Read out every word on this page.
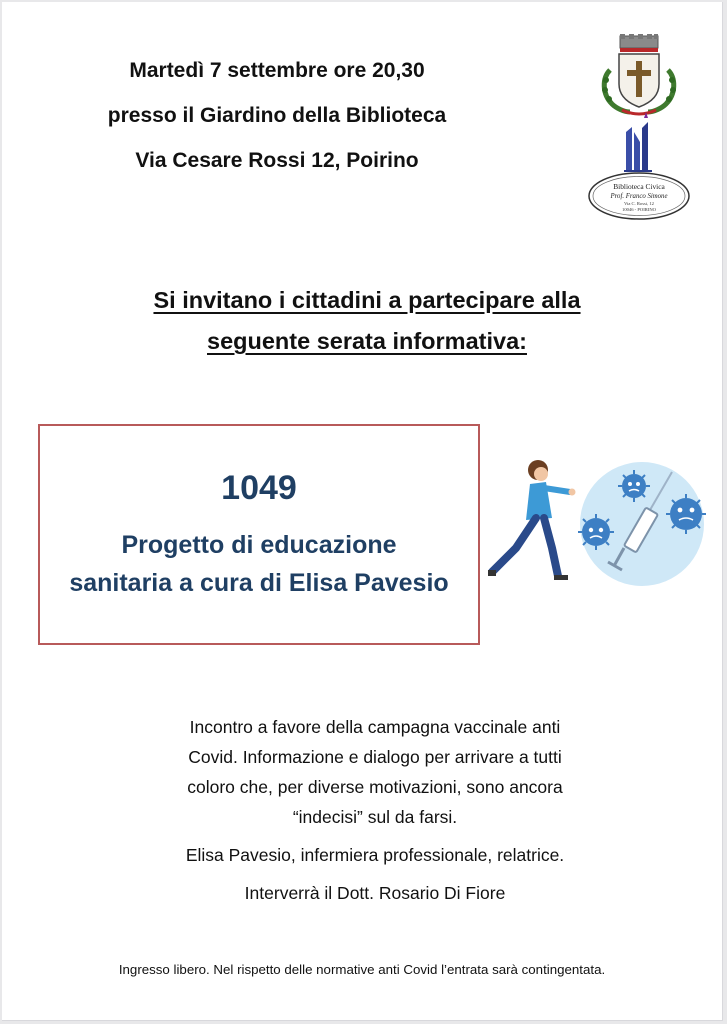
Martedì 7 settembre ore 20,30
presso il Giardino della Biblioteca
Via Cesare Rossi 12, Poirino
Biblioteca Civica
Prof. Franco Simone
Via C. Rossi, 12
10046 - POIRINO
Si invitano i cittadini a partecipare alla
seguente serata informativa:
1049
Progetto di educazione
sanitaria a cura di Elisa Pavesio
Incontro a favore della campagna vaccinale anti
Covid. Informazione e dialogo per arrivare a tutti
coloro che, per diverse motivazioni, sono ancora
“indecisi” sul da farsi.
Elisa Pavesio, infermiera professionale, relatrice.
Interverrà il Dott. Rosario Di Fiore
Ingresso libero. Nel rispetto delle normative anti Covid l’entrata sarà contingentata.
